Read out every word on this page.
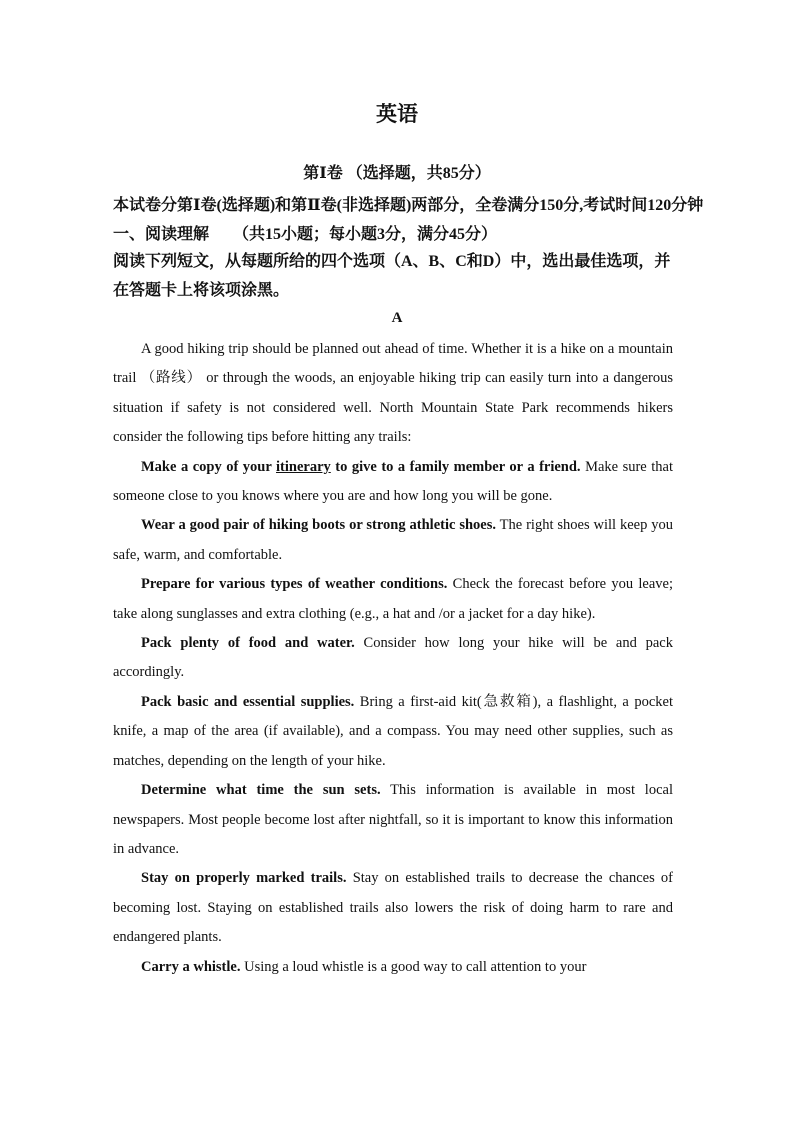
英语
第Ⅰ卷 （选择题，共85分）
本试卷分第Ⅰ卷(选择题)和第Ⅱ卷(非选择题)两部分，全卷满分150分,考试时间120分钟
一、阅读理解　　（共15小题；每小题3分，满分45分）
阅读下列短文，从每题所给的四个选项（A、B、C和D）中，选出最佳选项，并在答题卡上将该项涂黑。
A

A good hiking trip should be planned out ahead of time. Whether it is a hike on a mountain trail （路线） or through the woods, an enjoyable hiking trip can easily turn into a dangerous situation if safety is not considered well. North Mountain State Park recommends hikers consider the following tips before hitting any trails:

Make a copy of your itinerary to give to a family member or a friend. Make sure that someone close to you knows where you are and how long you will be gone.

Wear a good pair of hiking boots or strong athletic shoes. The right shoes will keep you safe, warm, and comfortable.

Prepare for various types of weather conditions. Check the forecast before you leave; take along sunglasses and extra clothing (e.g., a hat and /or a jacket for a day hike).

Pack plenty of food and water. Consider how long your hike will be and pack accordingly.

Pack basic and essential supplies. Bring a first-aid kit(急救箱), a flashlight, a pocket knife, a map of the area (if available), and a compass. You may need other supplies, such as matches, depending on the length of your hike.

Determine what time the sun sets. This information is available in most local newspapers. Most people become lost after nightfall, so it is important to know this information in advance.

Stay on properly marked trails. Stay on established trails to decrease the chances of becoming lost. Staying on established trails also lowers the risk of doing harm to rare and endangered plants.

Carry a whistle. Using a loud whistle is a good way to call attention to your
